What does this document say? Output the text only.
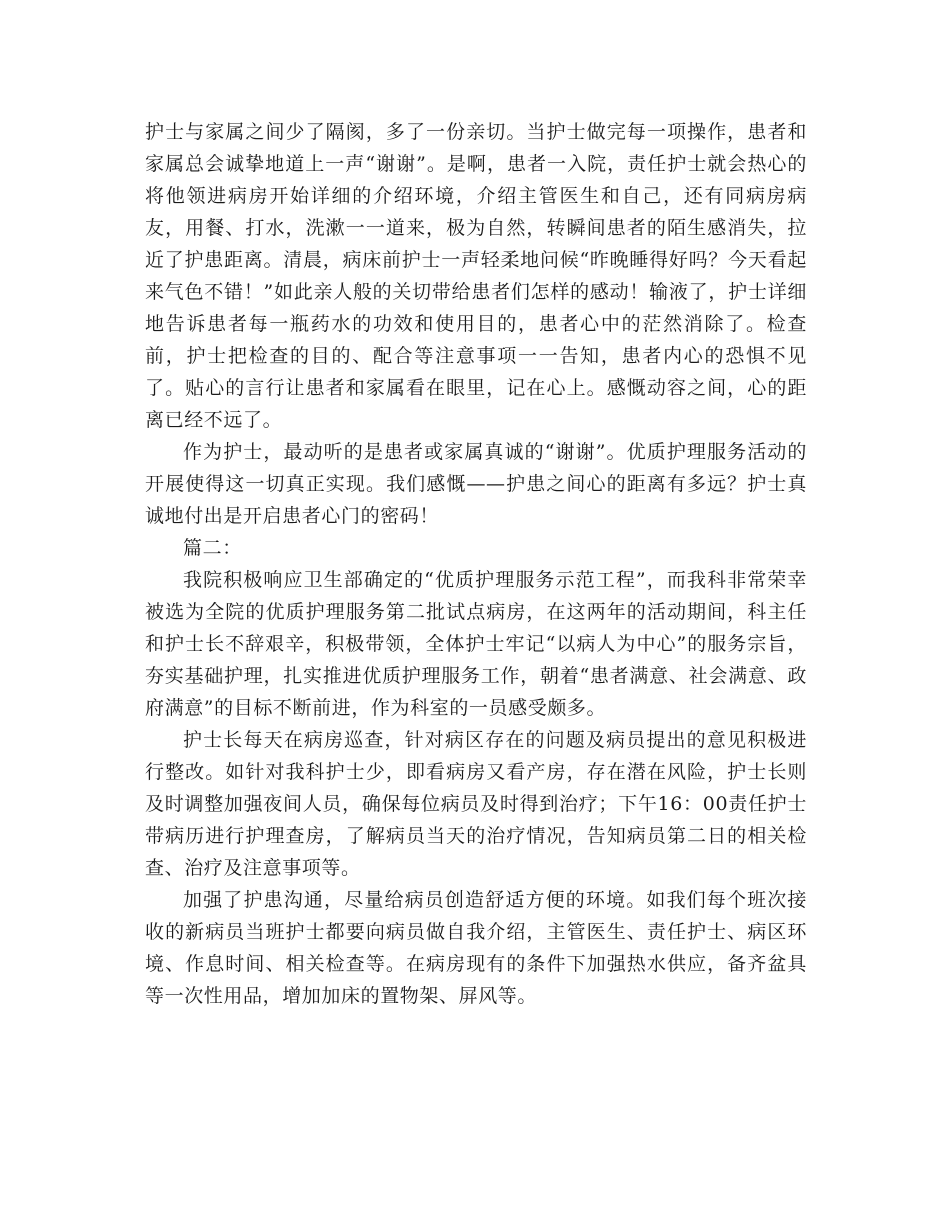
护士与家属之间少了隔阂，多了一份亲切。当护士做完每一项操作，患者和家属总会诚挚地道上一声“谢谢”。是啊，患者一入院，责任护士就会热心的将他领进病房开始详细的介绍环境，介绍主管医生和自己，还有同病房病友，用餐、打水，洗漱一一道来，极为自然，转瞬间患者的陌生感消失，拉近了护患距离。清晨，病床前护士一声轻柔地问候“昨晚睡得好吗？今天看起来气色不错！”如此亲人般的关切带给患者们怎样的感动！输液了，护士详细地告诉患者每一瓶药水的功效和使用目的，患者心中的茫然消除了。检查前，护士把检查的目的、配合等注意事项一一告知，患者内心的恐惧不见了。贴心的言行让患者和家属看在眼里，记在心上。感慨动容之间，心的距离已经不远了。

作为护士，最动听的是患者或家属真诚的“谢谢”。优质护理服务活动的开展使得这一切真正实现。我们感慨——护患之间心的距离有多远？护士真诚地付出是开启患者心门的密码！

篇二：

我院积极响应卫生部确定的“优质护理服务示范工程”，而我科非常荣幸被选为全院的优质护理服务第二批试点病房，在这两年的活动期间，科主任和护士长不辞艰辛，积极带领，全体护士牢记“以病人为中心”的服务宗旨，夯实基础护理，扎实推进优质护理服务工作，朝着“患者满意、社会满意、政府满意”的目标不断前进，作为科室的一员感受颇多。

护士长每天在病房巡查，针对病区存在的问题及病员提出的意见积极进行整改。如针对我科护士少，即看病房又看产房，存在潜在风险，护士长则及时调整加强夜间人员，确保每位病员及时得到治疗；下午16：00责任护士带病历进行护理查房，了解病员当天的治疗情况，告知病员第二日的相关检查、治疗及注意事项等。

加强了护患沟通，尽量给病员创造舒适方便的环境。如我们每个班次接收的新病员当班护士都要向病员做自我介绍，主管医生、责任护士、病区环境、作息时间、相关检查等。在病房现有的条件下加强热水供应，备齐盆具等一次性用品，增加加床的置物架、屏风等。
